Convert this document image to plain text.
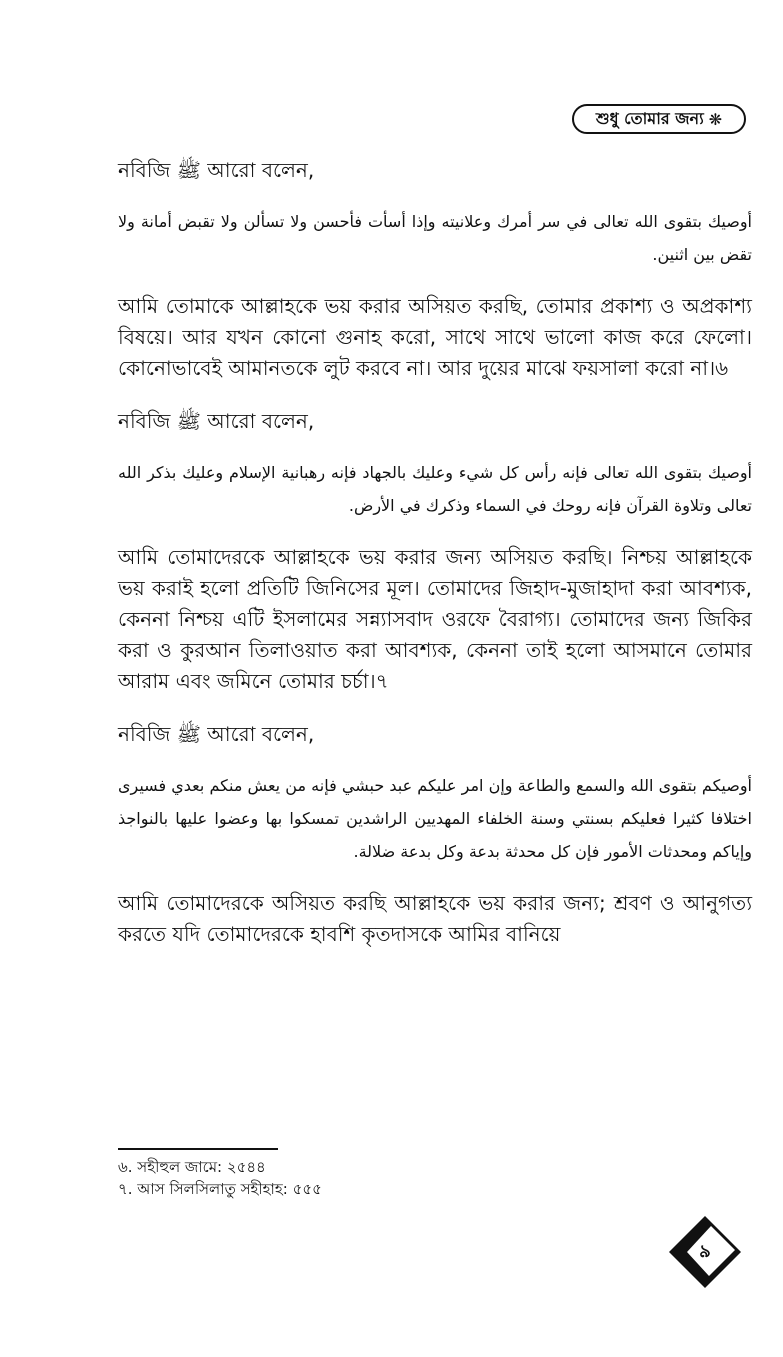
শুধু তোমার জন্য ❋

নবিজি ﷺ আরো বলেন,

أوصيك بتقوى الله تعالى في سر أمرك وعلانيته وإذا أسأت فأحسن ولا تسألن ولا تقبض أمانة ولا تقض بين اثنين.

আমি তোমাকে আল্লাহকে ভয় করার অসিয়ত করছি, তোমার প্রকাশ্য ও অপ্রকাশ্য বিষয়ে। আর যখন কোনো গুনাহ করো, সাথে সাথে ভালো কাজ করে ফেলো। কোনোভাবেই আমানতকে লুট করবে না। আর দুয়ের মাঝে ফয়সালা করো না।৬

নবিজি ﷺ আরো বলেন,

أوصيك بتقوى الله تعالى فإنه رأس كل شيء وعليك بالجهاد فإنه رهبانية الإسلام وعليك بذكر الله تعالى وتلاوة القرآن فإنه روحك في السماء وذكرك في الأرض.

আমি তোমাদেরকে আল্লাহকে ভয় করার জন্য অসিয়ত করছি। নিশ্চয় আল্লাহকে ভয় করাই হলো প্রতিটি জিনিসের মূল। তোমাদের জিহাদ-মুজাহাদা করা আবশ্যক, কেননা নিশ্চয় এটি ইসলামের সন্ন্যাসবাদ ওরফে বৈরাগ্য। তোমাদের জন্য জিকির করা ও কুরআন তিলাওয়াত করা আবশ্যক, কেননা তাই হলো আসমানে তোমার আরাম এবং জমিনে তোমার চর্চা।৭

নবিজি ﷺ আরো বলেন,

أوصيكم بتقوى الله والسمع والطاعة وإن امر عليكم عبد حبشي فإنه من يعش منكم بعدي فسيرى اختلافا كثيرا فعليكم بسنتي وسنة الخلفاء المهديين الراشدين تمسكوا بها وعضوا عليها بالنواجذ وإياكم ومحدثات الأمور فإن كل محدثة بدعة وكل بدعة ضلالة.

আমি তোমাদেরকে অসিয়ত করছি আল্লাহকে ভয় করার জন্য; শ্রবণ ও আনুগত্য করতে যদি তোমাদেরকে হাবশি কৃতদাসকে আমির বানিয়ে

৬. সহীহুল জামে: ২৫৪৪
৭. আস সিলসিলাতু সহীহাহ: ৫৫৫
৯
